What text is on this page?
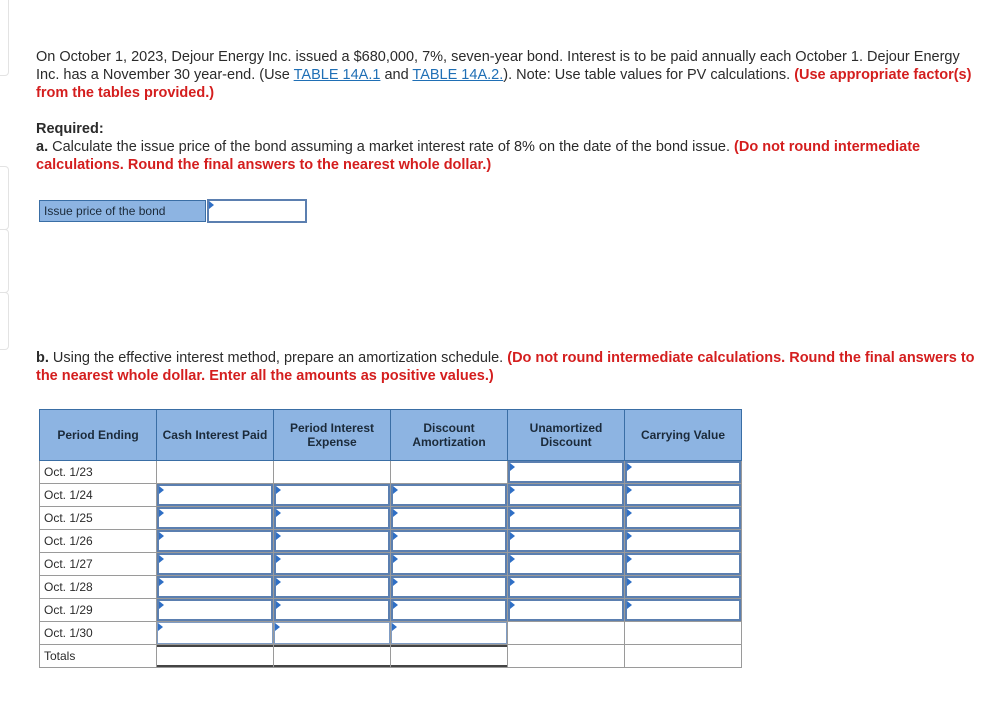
On October 1, 2023, Dejour Energy Inc. issued a $680,000, 7%, seven-year bond. Interest is to be paid annually each October 1. Dejour Energy Inc. has a November 30 year-end. (Use TABLE 14A.1 and TABLE 14A.2.). Note: Use table values for PV calculations. (Use appropriate factor(s) from the tables provided.)
Required:
a. Calculate the issue price of the bond assuming a market interest rate of 8% on the date of the bond issue. (Do not round intermediate calculations. Round the final answers to the nearest whole dollar.)
Issue price of the bond
b. Using the effective interest method, prepare an amortization schedule. (Do not round intermediate calculations. Round the final answers to the nearest whole dollar. Enter all the amounts as positive values.)
Period Ending	Cash Interest Paid	Period Interest Expense	Discount Amortization	Unamortized Discount	Carrying Value
Oct. 1/23				

Oct. 1/24	

Oct. 1/25	

Oct. 1/26	

Oct. 1/27	

Oct. 1/28	

Oct. 1/29	

Oct. 1/30	

Totals	
